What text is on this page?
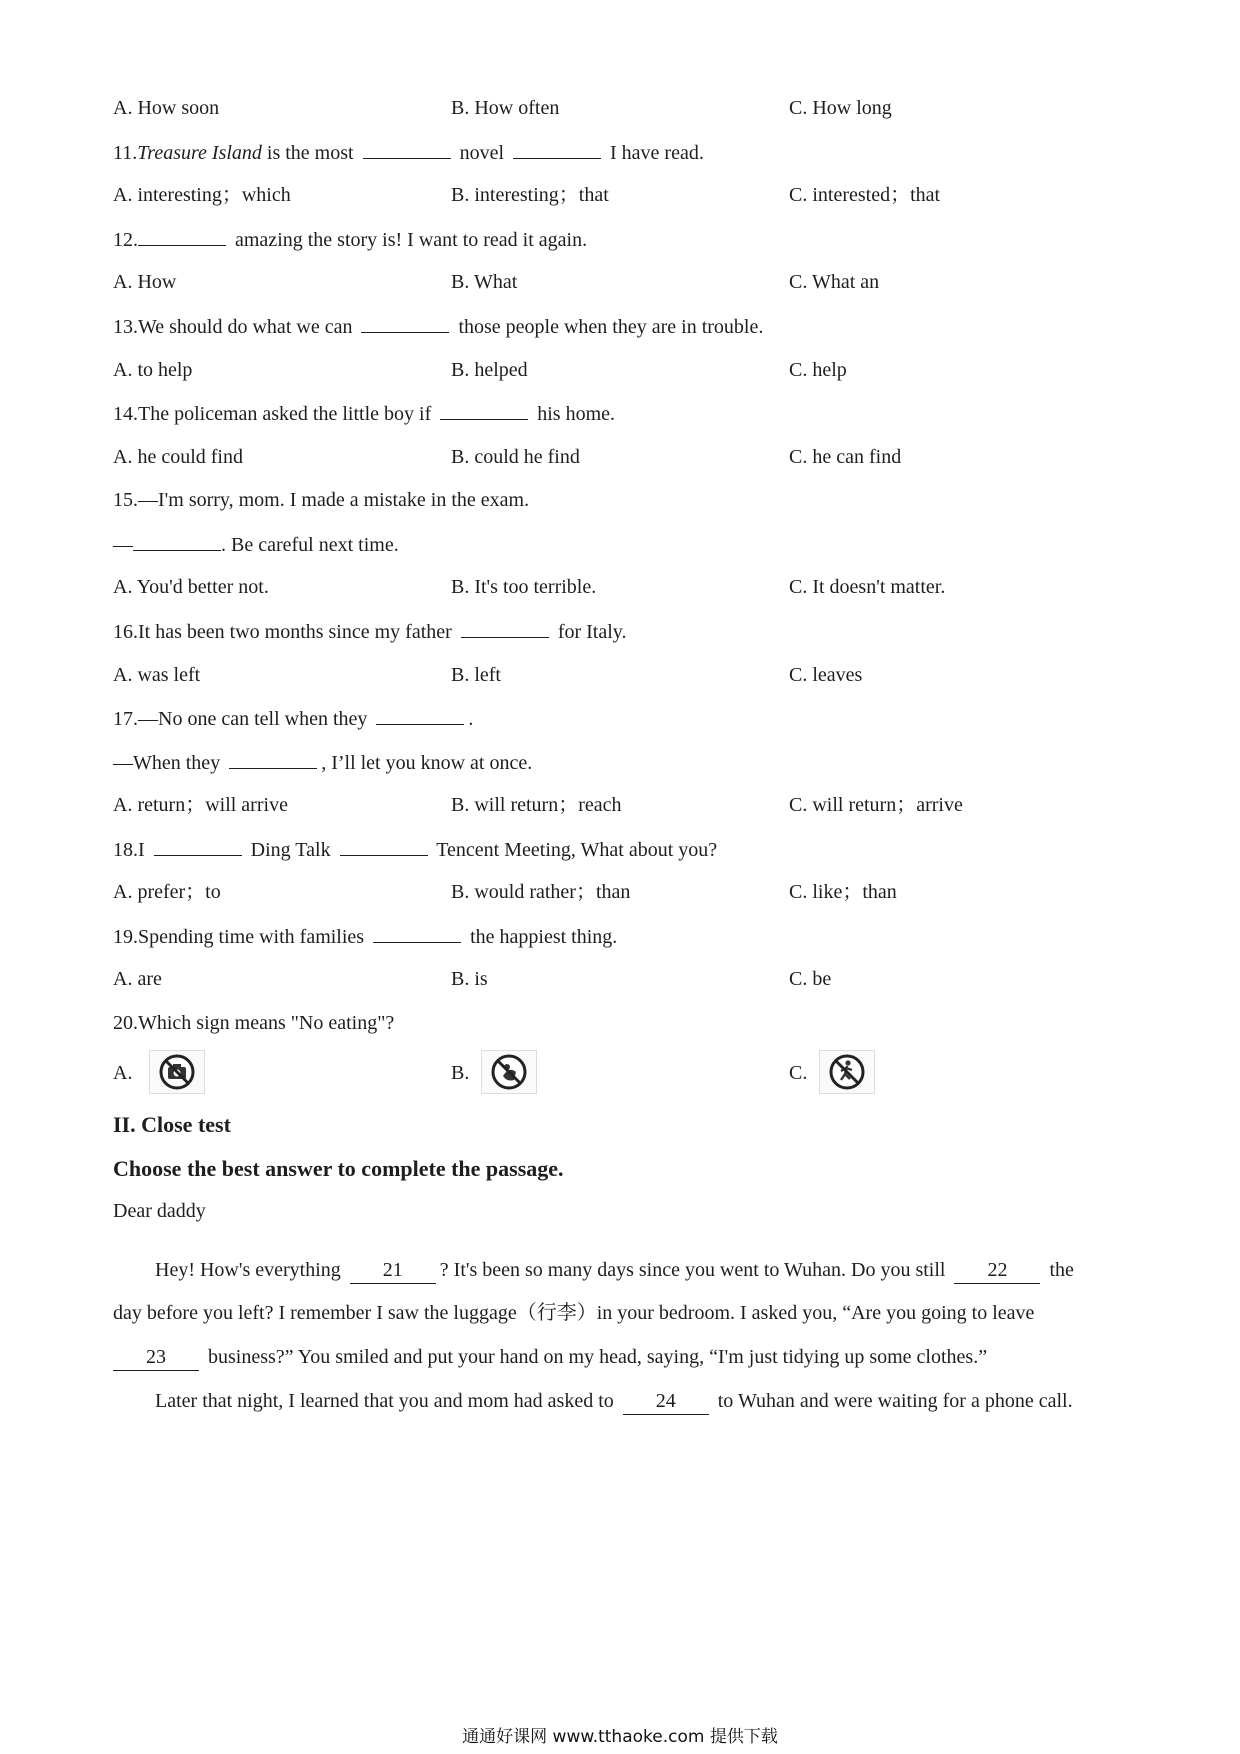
A. How soon	B. How often	C. How long
11.Treasure Island is the most	novel	I have read.
A. interesting；which	B. interesting；that	C. interested；that
12.	amazing the story is! I want to read it again.
A. How	B. What	C. What an
13.We should do what we can	those people when they are in trouble.
A. to help	B. helped	C. help
14.The policeman asked the little boy if	his home.
A. he could find	B. could he find	C. he can find
15.—I'm sorry, mom. I made a mistake in the exam.
—	. Be careful next time.
A. You'd better not.	B. It's too terrible.	C. It doesn't matter.
16.It has been two months since my father	for Italy.
A. was left	B. left	C. leaves
17.—No one can tell when they	.
—When they	, I’ll let you know at once.
A. return；will arrive	B. will return；reach	C. will return；arrive
18.I	Ding Talk	Tencent Meeting, What about you?
A. prefer；to	B. would rather；than	C. like；than
19.Spending time with families	the happiest thing.
A. are	B. is	C. be
20.Which sign means "No eating"?
A.	B.	C.
II. Close test
Choose the best answer to complete the passage.
Dear daddy
Hey! How's everything 21 ? It's been so many days since you went to Wuhan. Do you still 22 the
day before you left? I remember I saw the luggage（行李）in your bedroom. I asked you, “Are you going to leave
23 business?” You smiled and put your hand on my head, saying, “I'm just tidying up some clothes.”
Later that night, I learned that you and mom had asked to 24 to Wuhan and were waiting for a phone call.
通通好课网 www.tthaoke.com 提供下载
